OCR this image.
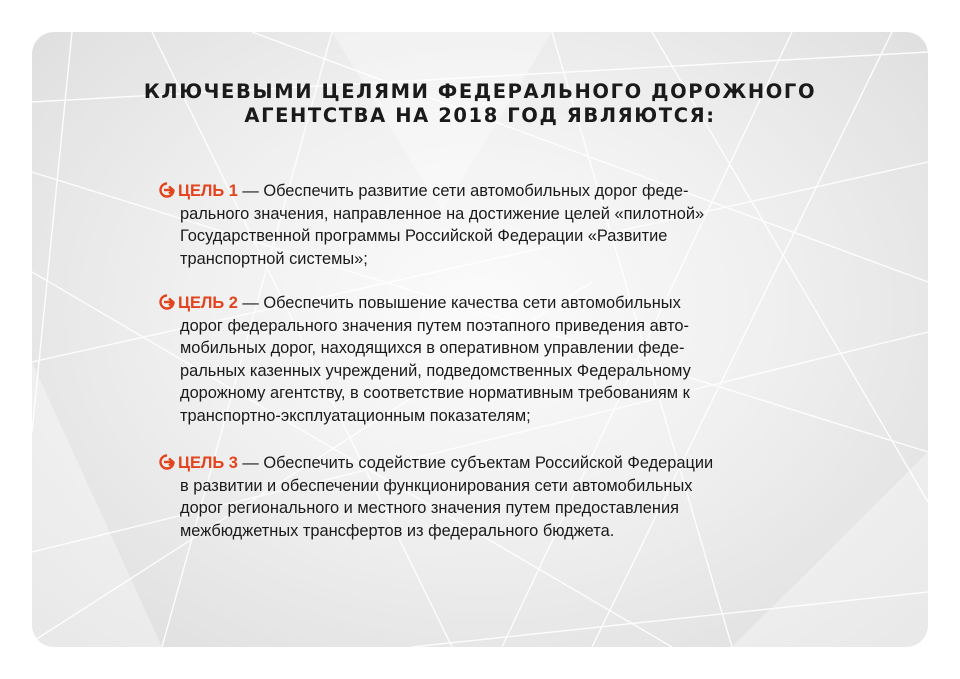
КЛЮЧЕВЫМИ ЦЕЛЯМИ ФЕДЕРАЛЬНОГО ДОРОЖНОГО
АГЕНТСТВА НА 2018 ГОД ЯВЛЯЮТСЯ:
ЦЕЛЬ 1 — Обеспечить развитие сети автомобильных дорог феде-
рального значения, направленное на достижение целей «пилотной»
Государственной программы Российской Федерации «Развитие
транспортной системы»;
ЦЕЛЬ 2 — Обеспечить повышение качества сети автомобильных
дорог федерального значения путем поэтапного приведения авто-
мобильных дорог, находящихся в оперативном управлении феде-
ральных казенных учреждений, подведомственных Федеральному
дорожному агентству, в соответствие нормативным требованиям к
транспортно-эксплуатационным показателям;
ЦЕЛЬ 3 — Обеспечить содействие субъектам Российской Федерации
в развитии и обеспечении функционирования сети автомобильных
дорог регионального и местного значения путем предоставления
межбюджетных трансфертов из федерального бюджета.
